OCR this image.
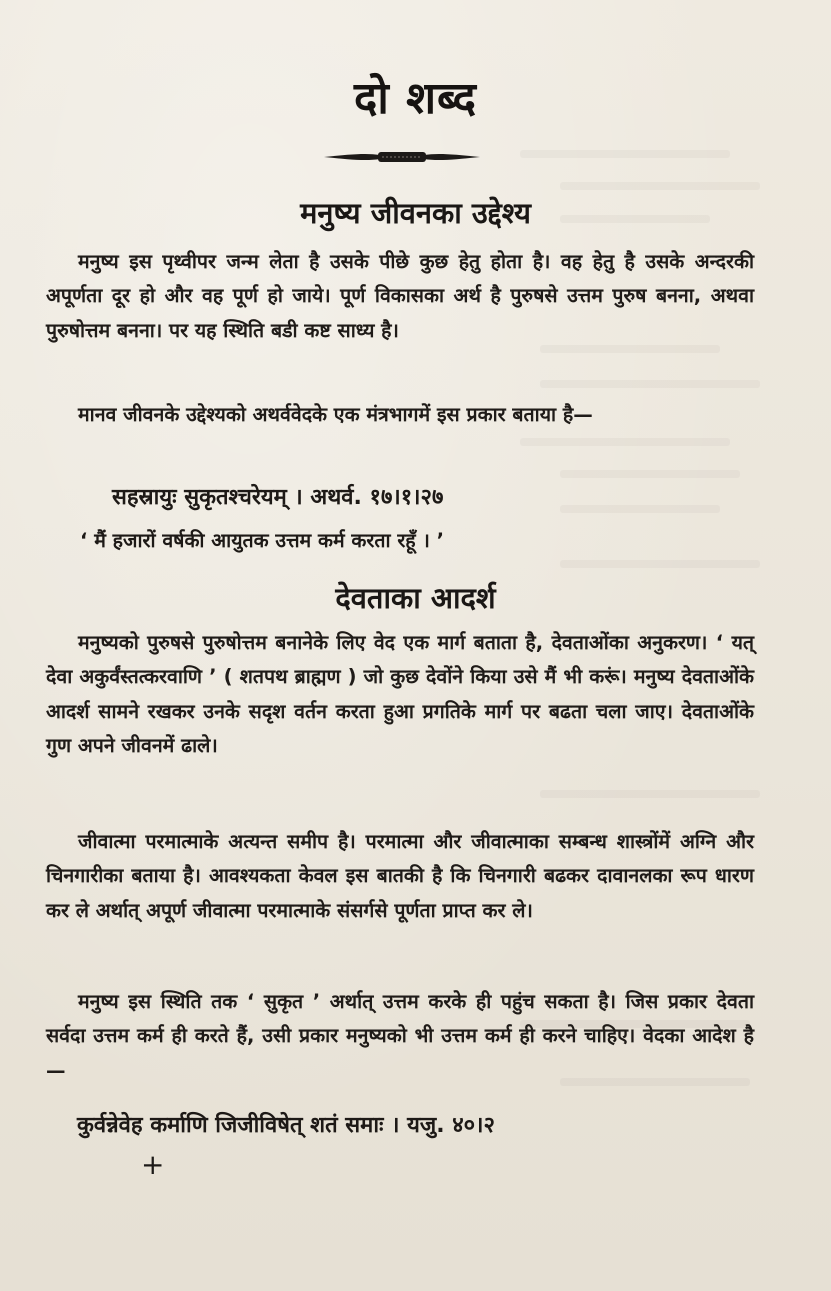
दो शब्द
मनुष्य जीवनका उद्देश्य
मनुष्य इस पृथ्वीपर जन्म लेता है उसके पीछे कुछ हेतु होता है। वह हेतु है उसके अन्दरकी अपूर्णता दूर हो और वह पूर्ण हो जाये। पूर्ण विकासका अर्थ है पुरुषसे उत्तम पुरुष बनना, अथवा पुरुषोत्तम बनना। पर यह स्थिति बडी कष्ट साध्य है।
मानव जीवनके उद्देश्यको अथर्ववेदके एक मंत्रभागमें इस प्रकार बताया है—
सहस्रायुः सुकृतश्चरेयम् । अथर्व. १७।१।२७
‘ मैं हजारों वर्षकी आयुतक उत्तम कर्म करता रहूँ । ’
देवताका आदर्श
मनुष्यको पुरुषसे पुरुषोत्तम बनानेके लिए वेद एक मार्ग बताता है, देवताओंका अनुकरण। ‘ यत् देवा अकुर्वंस्तत्करवाणि ’ ( शतपथ ब्राह्मण ) जो कुछ देवोंने किया उसे मैं भी करूं। मनुष्य देवताओंके आदर्श सामने रखकर उनके सदृश वर्तन करता हुआ प्रगतिके मार्ग पर बढता चला जाए। देवताओंके गुण अपने जीवनमें ढाले।
जीवात्मा परमात्माके अत्यन्त समीप है। परमात्मा और जीवात्माका सम्बन्ध शास्त्रोंमें अग्नि और चिनगारीका बताया है। आवश्यकता केवल इस बातकी है कि चिनगारी बढकर दावानलका रूप धारण कर ले अर्थात् अपूर्ण जीवात्मा परमात्माके संसर्गसे पूर्णता प्राप्त कर ले।
मनुष्य इस स्थिति तक ‘ सुकृत ’ अर्थात् उत्तम करके ही पहुंच सकता है। जिस प्रकार देवता सर्वदा उत्तम कर्म ही करते हैं, उसी प्रकार मनुष्यको भी उत्तम कर्म ही करने चाहिए। वेदका आदेश है—
कुर्वन्नेवेह कर्माणि जिजीविषेत् शतं समाः । यजु. ४०।२
+
